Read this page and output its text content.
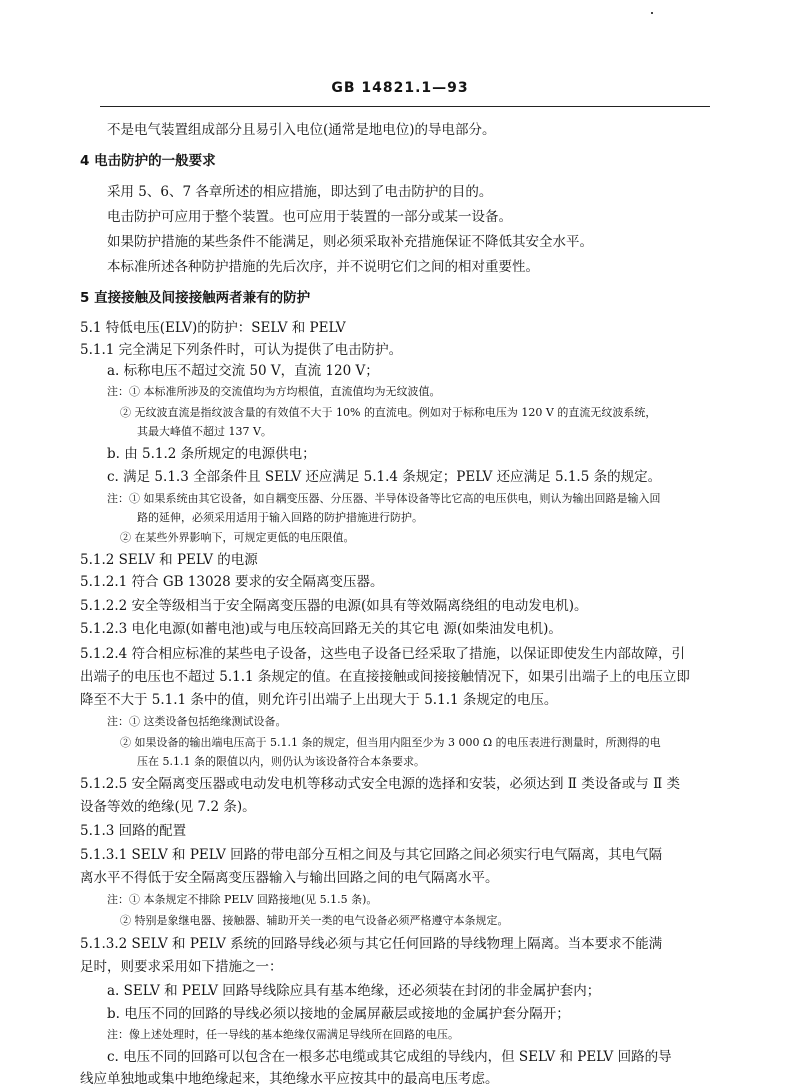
GB 14821.1—93
不是电气装置组成部分且易引入电位(通常是地电位)的导电部分。
4 电击防护的一般要求
采用 5、6、7 各章所述的相应措施，即达到了电击防护的目的。
电击防护可应用于整个装置。也可应用于装置的一部分或某一设备。
如果防护措施的某些条件不能满足，则必须采取补充措施保证不降低其安全水平。
本标准所述各种防护措施的先后次序，并不说明它们之间的相对重要性。
5 直接接触及间接接触两者兼有的防护
5.1 特低电压(ELV)的防护：SELV 和 PELV
5.1.1 完全满足下列条件时，可认为提供了电击防护。
a. 标称电压不超过交流 50 V，直流 120 V；
注：① 本标准所涉及的交流值均为方均根值，直流值均为无纹波值。
② 无纹波直流是指纹波含量的有效值不大于 10% 的直流电。例如对于标称电压为 120 V 的直流无纹波系统，
其最大峰值不超过 137 V。
b. 由 5.1.2 条所规定的电源供电；
c. 满足 5.1.3 全部条件且 SELV 还应满足 5.1.4 条规定；PELV 还应满足 5.1.5 条的规定。
注：① 如果系统由其它设备，如自耦变压器、分压器、半导体设备等比它高的电压供电，则认为输出回路是输入回
路的延伸，必须采用适用于输入回路的防护措施进行防护。
② 在某些外界影响下，可规定更低的电压限值。
5.1.2 SELV 和 PELV 的电源
5.1.2.1 符合 GB 13028 要求的安全隔离变压器。
5.1.2.2 安全等级相当于安全隔离变压器的电源(如具有等效隔离绕组的电动发电机)。
5.1.2.3 电化电源(如蓄电池)或与电压较高回路无关的其它电 源(如柴油发电机)。
5.1.2.4 符合相应标准的某些电子设备，这些电子设备已经采取了措施，以保证即使发生内部故障，引
出端子的电压也不超过 5.1.1 条规定的值。在直接接触或间接接触情况下，如果引出端子上的电压立即
降至不大于 5.1.1 条中的值，则允许引出端子上出现大于 5.1.1 条规定的电压。
注：① 这类设备包括绝缘测试设备。
② 如果设备的输出端电压高于 5.1.1 条的规定，但当用内阻至少为 3 000 Ω 的电压表进行测量时，所测得的电
压在 5.1.1 条的限值以内，则仍认为该设备符合本条要求。
5.1.2.5 安全隔离变压器或电动发电机等移动式安全电源的选择和安装，必须达到 Ⅱ 类设备或与 Ⅱ 类
设备等效的绝缘(见 7.2 条)。
5.1.3 回路的配置
5.1.3.1 SELV 和 PELV 回路的带电部分互相之间及与其它回路之间必须实行电气隔离，其电气隔
离水平不得低于安全隔离变压器输入与输出回路之间的电气隔离水平。
注：① 本条规定不排除 PELV 回路接地(见 5.1.5 条)。
② 特别是象继电器、接触器、辅助开关一类的电气设备必须严格遵守本条规定。
5.1.3.2 SELV 和 PELV 系统的回路导线必须与其它任何回路的导线物理上隔离。当本要求不能满
足时，则要求采用如下措施之一：
a. SELV 和 PELV 回路导线除应具有基本绝缘，还必须装在封闭的非金属护套内；
b. 电压不同的回路的导线必须以接地的金属屏蔽层或接地的金属护套分隔开；
注：像上述处理时，任一导线的基本绝缘仅需满足导线所在回路的电压。
c. 电压不同的回路可以包含在一根多芯电缆或其它成组的导线内，但 SELV 和 PELV 回路的导
线应单独地或集中地绝缘起来，其绝缘水平应按其中的最高电压考虑。
